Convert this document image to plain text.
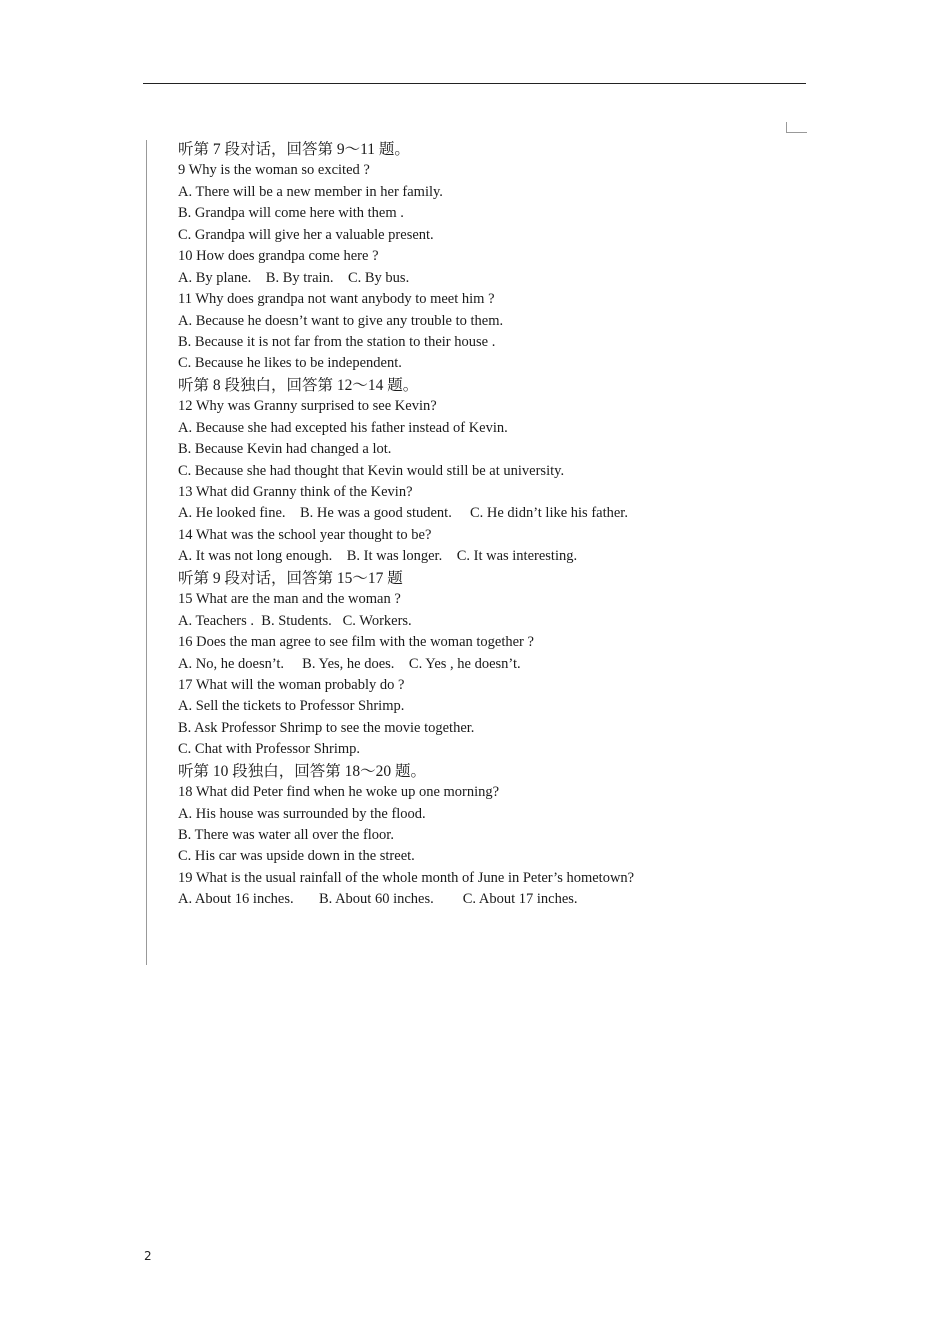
听第 7 段对话，回答第 9～11 题。
9 Why is the woman so excited ?
A. There will be a new member in her family.
B. Grandpa will come here with them .
C. Grandpa will give her a valuable present.
10 How does grandpa come here ?
A. By plane.    B. By train.    C. By bus.
11 Why does grandpa not want anybody to meet him ?
A. Because he doesn’t want to give any trouble to them.
B. Because it is not far from the station to their house .
C. Because he likes to be independent.
听第 8 段独白，回答第 12～14 题。
12 Why was Granny surprised to see Kevin?
A. Because she had excepted his father instead of Kevin.
B. Because Kevin had changed a lot.
C. Because she had thought that Kevin would still be at university.
13 What did Granny think of the Kevin?
A. He looked fine.    B. He was a good student.     C. He didn’t like his father.
14 What was the school year thought to be?
A. It was not long enough.    B. It was longer.    C. It was interesting.
听第 9 段对话，回答第 15～17 题
15 What are the man and the woman ?
A. Teachers .  B. Students.   C. Workers.
16 Does the man agree to see film with the woman together ?
A. No, he doesn’t.     B. Yes, he does.    C. Yes , he doesn’t.
17 What will the woman probably do ?
A. Sell the tickets to Professor Shrimp.
B. Ask Professor Shrimp to see the movie together.
C. Chat with Professor Shrimp.
听第 10 段独白，回答第 18～20 题。
18 What did Peter find when he woke up one morning?
A. His house was surrounded by the flood.
B. There was water all over the floor.
C. His car was upside down in the street.
19 What is the usual rainfall of the whole month of June in Peter’s hometown?
A. About 16 inches.       B. About 60 inches.        C. About 17 inches.
2
